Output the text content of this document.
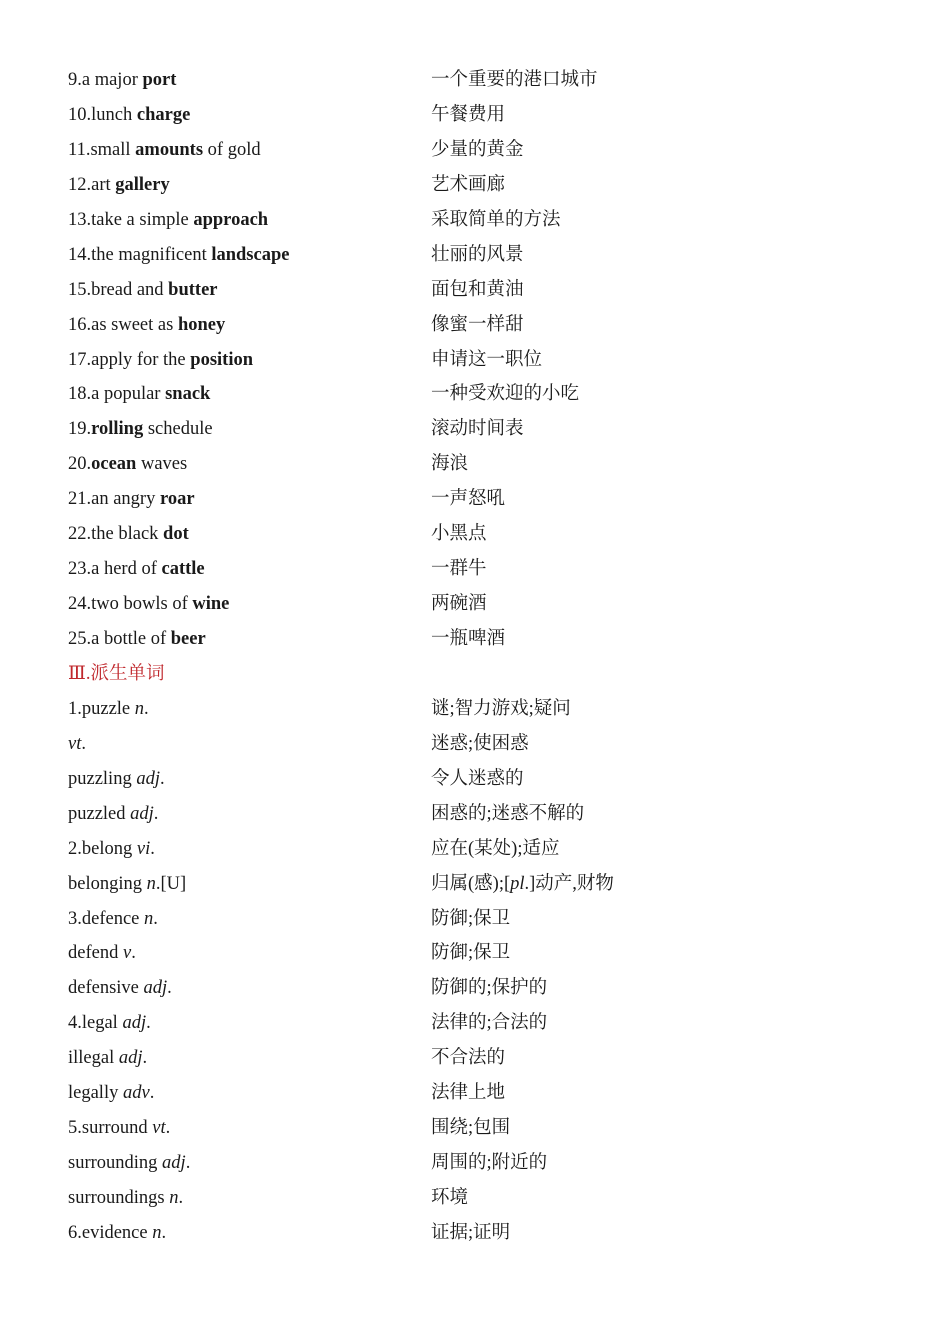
9.a major port	一个重要的港口城市
10.lunch charge	午餐费用
11.small amounts of gold	少量的黄金
12.art gallery	艺术画廊
13.take a simple approach	采取简单的方法
14.the magnificent landscape	壮丽的风景
15.bread and butter	面包和黄油
16.as sweet as honey	像蜜一样甜
17.apply for the position	申请这一职位
18.a popular snack	一种受欢迎的小吃
19.rolling schedule	滚动时间表
20.ocean waves	海浪
21.an angry roar	一声怒吼
22.the black dot	小黑点
23.a herd of cattle	一群牛
24.two bowls of wine	两碗酒
25.a bottle of beer	一瓶啤酒
Ⅲ.派生单词
1.puzzle n.	谜;智力游戏;疑问
vt.	迷惑;使困惑
puzzling adj.	令人迷惑的
puzzled adj.	困惑的;迷惑不解的
2.belong vi.	应在(某处);适应
belonging n.[U]	归属(感);[pl.]动产,财物
3.defence n.	防御;保卫
defend v.	防御;保卫
defensive adj.	防御的;保护的
4.legal adj.	法律的;合法的
illegal adj.	不合法的
legally adv.	法律上地
5.surround vt.	围绕;包围
surrounding adj.	周围的;附近的
surroundings n.	环境
6.evidence n.	证据;证明
